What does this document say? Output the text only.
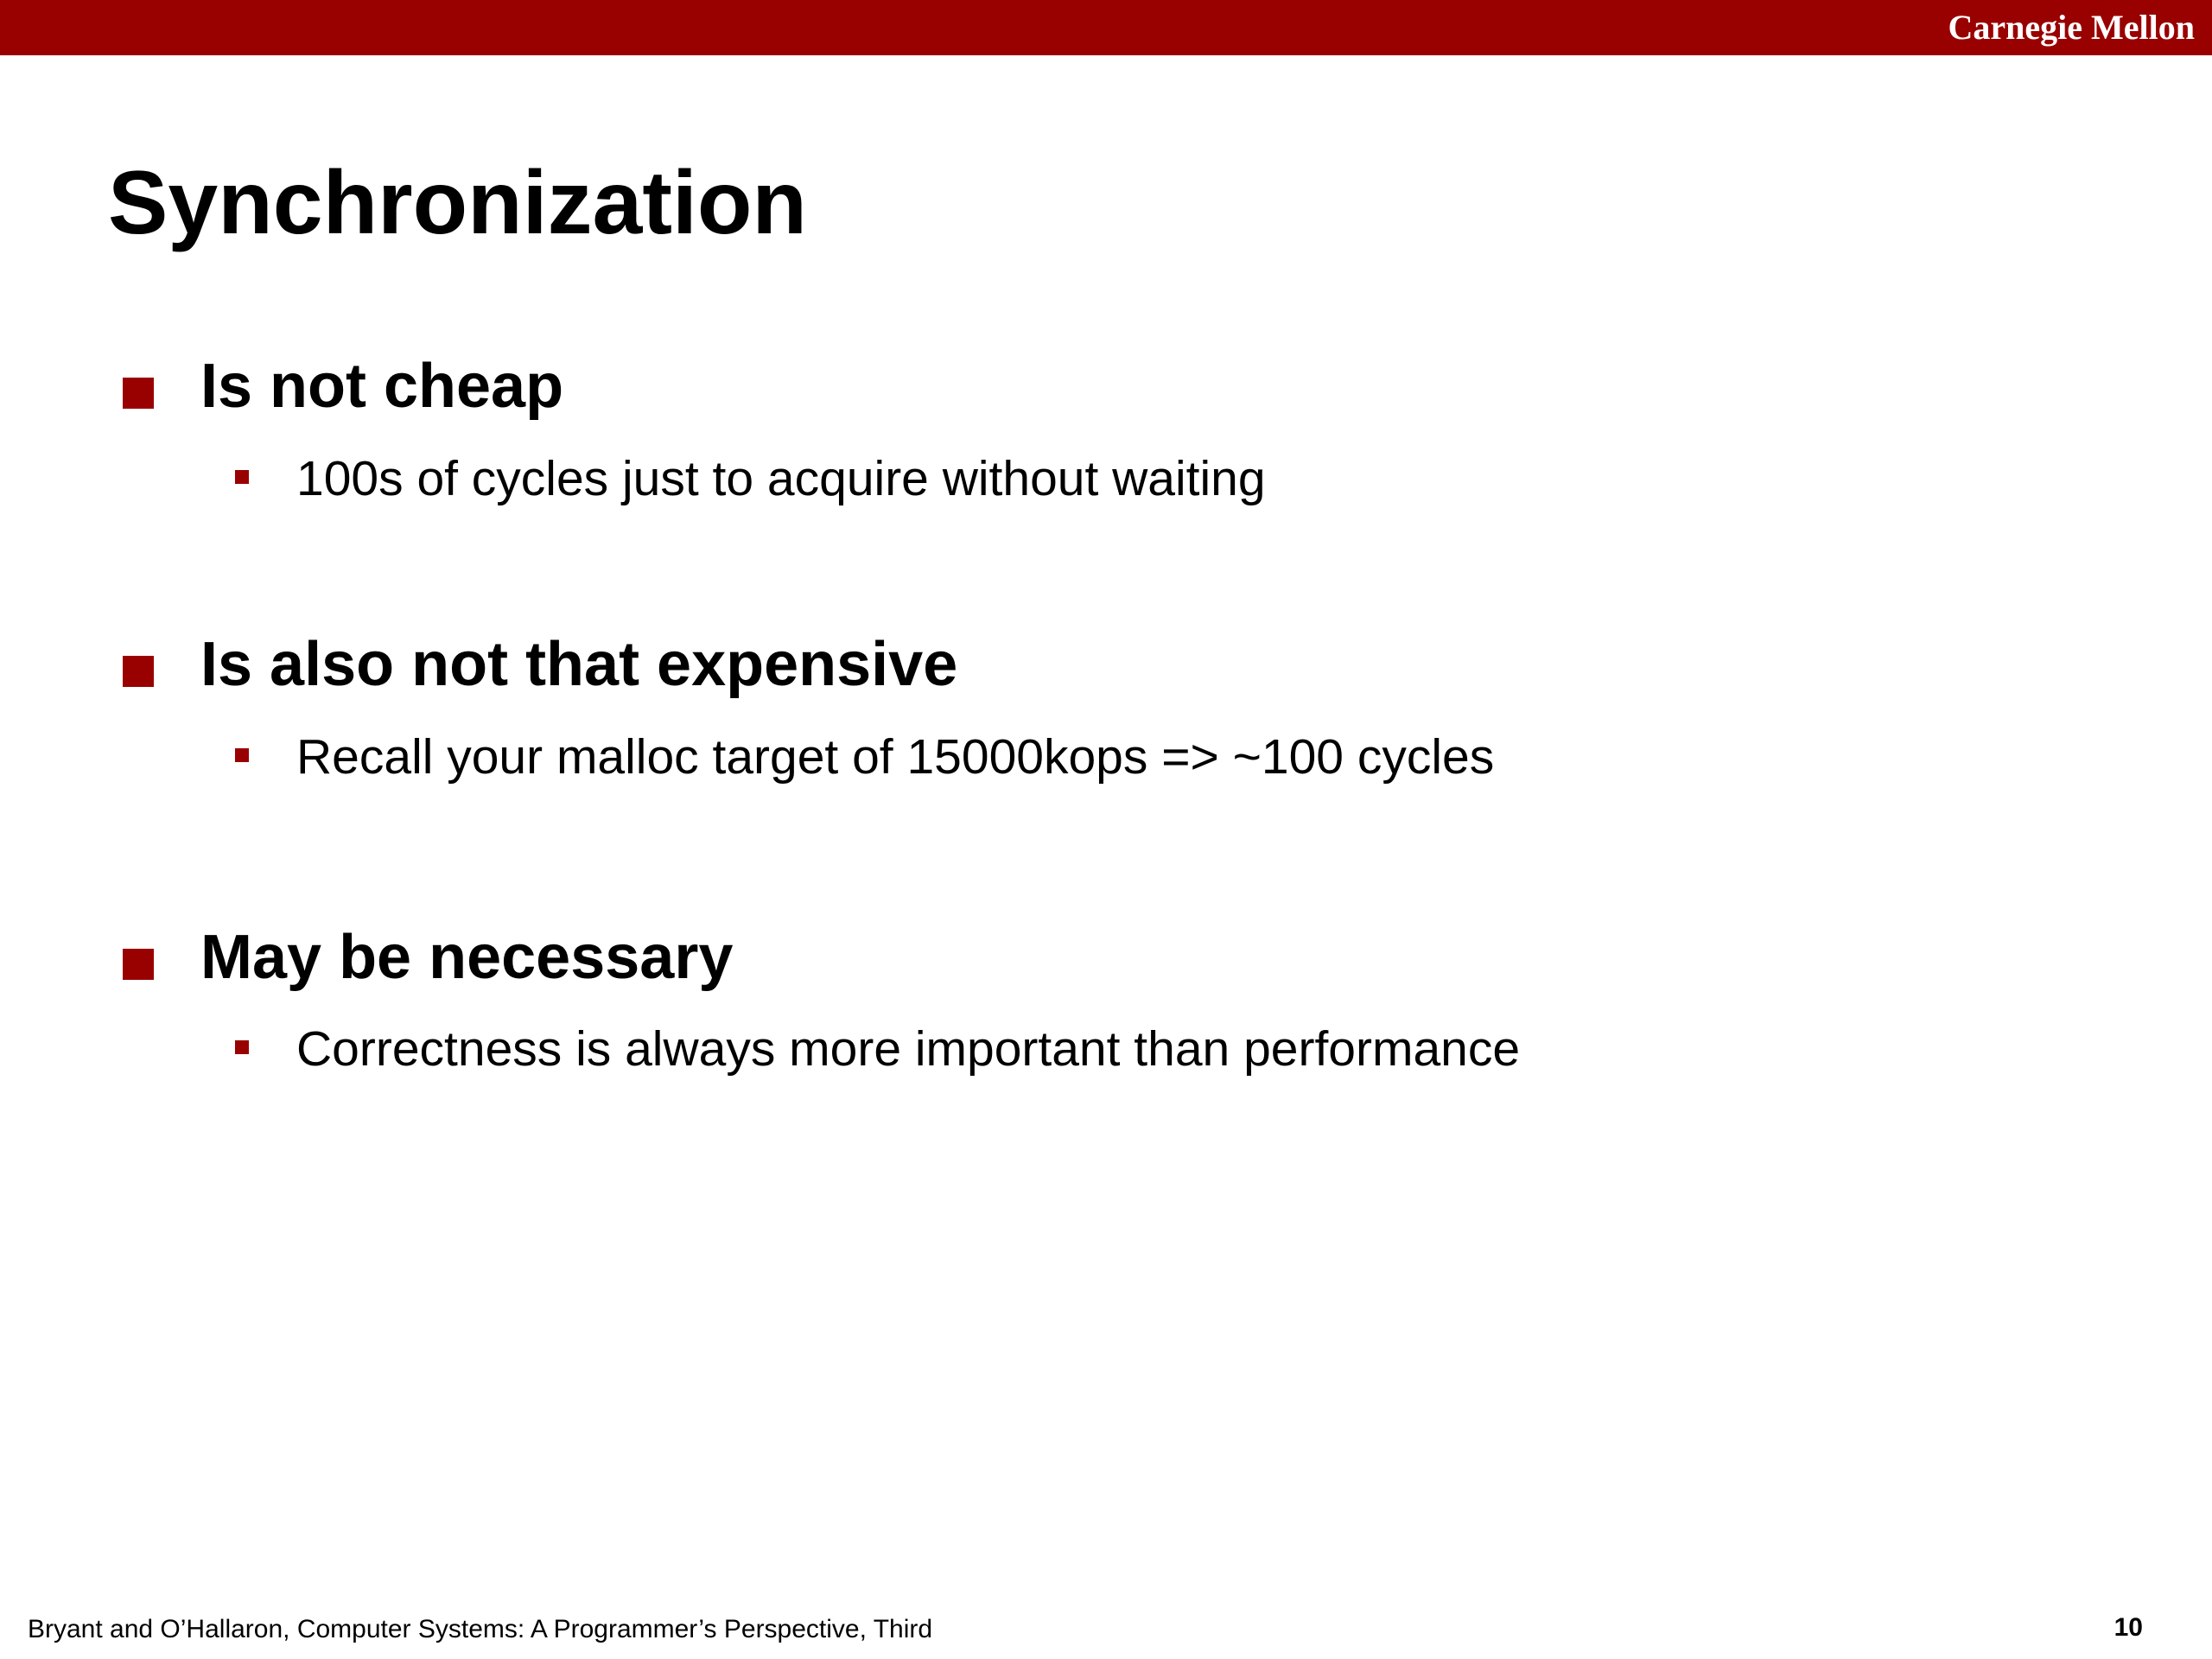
Carnegie Mellon
Synchronization
Is not cheap
100s of cycles just to acquire without waiting
Is also not that expensive
Recall your malloc target of 15000kops => ~100 cycles
May be necessary
Correctness is always more important than performance
Bryant and O’Hallaron, Computer Systems: A Programmer’s Perspective, Third	10
